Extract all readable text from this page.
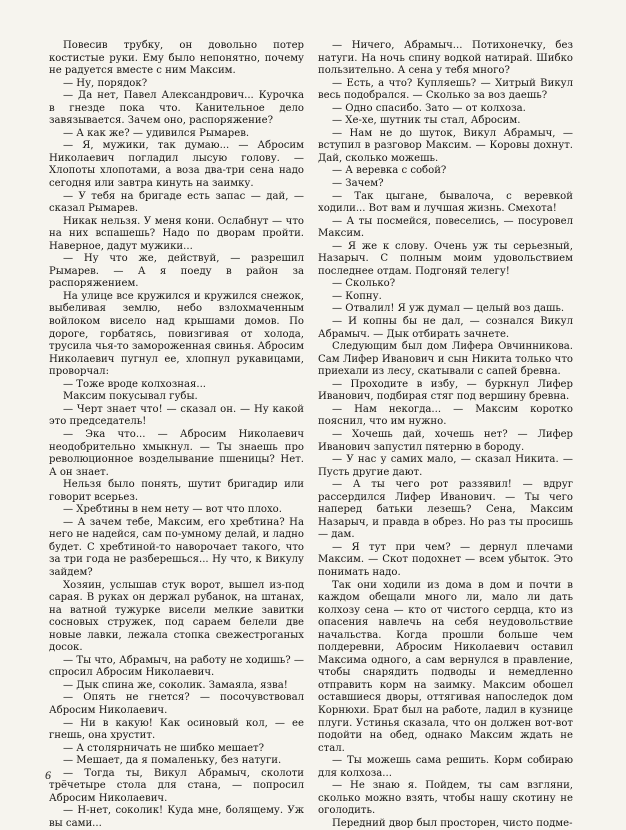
Повесив трубку, он довольно потер костистые руки. Ему было непонятно, почему не радуется вместе с ним Максим.

— Ну, порядок?

— Да нет, Павел Александрович... Курочка в гнезде пока что. Канительное дело завязывается. Зачем оно, распоряжение?

— А как же? — удивился Рымарев.

— Я, мужики, так думаю... — Абросим Николаевич погладил лысую голову. — Хлопоты хлопотами, а воза два-три сена надо сегодня или завтра кинуть на заимку.

— У тебя на бригаде есть запас — дай, — сказал Рымарев.

Никак нельзя. У меня кони. Ослабнут — что на них вспашешь? Надо по дворам пройти. Наверное, дадут мужики...

— Ну что же, действуй, — разрешил Рымарев. — А я поеду в район за распоряжением.

На улице все кружился и кружился снежок, выбеливая землю, небо взлохмаченным войлоком висело над крышами домов. По дороге, горбатясь, повизгивая от холода, трусила чья-то замороженная свинья. Абросим Николаевич пугнул ее, хлопнул рукавицами, проворчал:

— Тоже вроде колхозная...

Максим покусывал губы.

— Черт знает что! — сказал он. — Ну какой это председатель!

— Эка что... — Абросим Николаевич неодобрительно хмыкнул. — Ты знаешь про революционное возделывание пшеницы? Нет. А он знает.

Нельзя было понять, шутит бригадир или говорит всерьез.

— Хребтины в нем нету — вот что плохо.

— А зачем тебе, Максим, его хребтина? На него не надейся, сам по-умному делай, и ладно будет. С хребтиной-то наворочает такого, что за три года не разберешься... Ну что, к Викулу зайдем?

Хозяин, услышав стук ворот, вышел из-под сарая. В руках он держал рубанок, на штанах, на ватной тужурке висели мелкие завитки сосновых стружек, под сараем белели две новые лавки, лежала стопка свежестроганых досок.

— Ты что, Абрамыч, на работу не ходишь? — спросил Абросим Николаевич.

— Дык спина же, соколик. Замаяла, язва!

— Опять не гнется? — посочувствовал Абросим Николаевич.

— Ни в какую! Как осиновый кол, — ее гнешь, она хрустит.

— А столярничать не шибко мешает?

— Мешает, да я помаленьку, без натуги.

— Тогда ты, Викул Абрамыч, сколоти трёчетыре стола для стана, — попросил Абросим Николаевич.

— Н-нет, соколик! Куда мне, болящему. Уж вы сами...

— Ничего, Абрамыч... Потихонечку, без натуги. На ночь спину водкой натирай. Шибко пользительно. А сена у тебя много?

— Есть, а что? Купляешь? — Хитрый Викул весь подобрался. — Сколько за воз даешь?

— Одно спасибо. Зато — от колхоза.

— Хе-хе, шутник ты стал, Абросим.

— Нам не до шуток, Викул Абрамыч, — вступил в разговор Максим. — Коровы дохнут. Дай, сколько можешь.

— А веревка с собой?

— Зачем?

— Так цыгане, бывалоча, с веревкой ходили... Вот вам и лучшая жизнь. Смехота!

— А ты посмейся, повеселись, — посуровел Максим.

— Я же к слову. Очень уж ты серьезный, Назарыч. С полным моим удовольствием последнее отдам. Подгоняй телегу!

— Сколько?

— Копну.

— Отвалил! Я уж думал — целый воз дашь.

— И копны бы не дал, — сознался Викул Абрамыч. — Дык отбирать зачнете.

Следующим был дом Лифера Овчинникова. Сам Лифер Иванович и сын Никита только что приехали из лесу, скатывали с сапей бревна.

— Проходите в избу, — буркнул Лифер Иванович, подбирая стяг под вершину бревна.

— Нам некогда... — Максим коротко пояснил, что им нужно.

— Хочешь дай, хочешь нет? — Лифер Иванович запустил пятерню в бороду.

— У нас у самих мало, — сказал Никита. — Пусть другие дают.

— А ты чего рот раззявил! — вдруг рассердился Лифер Иванович. — Ты чего наперед батьки лезешь? Сена, Максим Назарыч, и правда в обрез. Но раз ты просишь — дам.

— Я тут при чем? — дернул плечами Максим. — Скот подохнет — всем убыток. Это понимать надо.

Так они ходили из дома в дом и почти в каждом обещали много ли, мало ли дать колхозу сена — кто от чистого сердца, кто из опасения навлечь на себя неудовольствие начальства. Когда прошли больше чем полдеревни, Абросим Николаевич оставил Максима одного, а сам вернулся в правление, чтобы снарядить подводы и немедленно отправить корм на заимку. Максим обошел оставшиеся дворы, оттягивая напоследок дом Корнюхи. Брат был на работе, ладил в кузнице плуги. Устинья сказала, что он должен вот-вот подойти на обед, однако Максим ждать не стал.

— Ты можешь сама решить. Корм собираю для колхоза...

— Не знаю я. Пойдем, ты сам взгляни, сколько можно взять, чтобы нашу скотину не оголодить.

Передний двор был просторен, чисто подме-

6
